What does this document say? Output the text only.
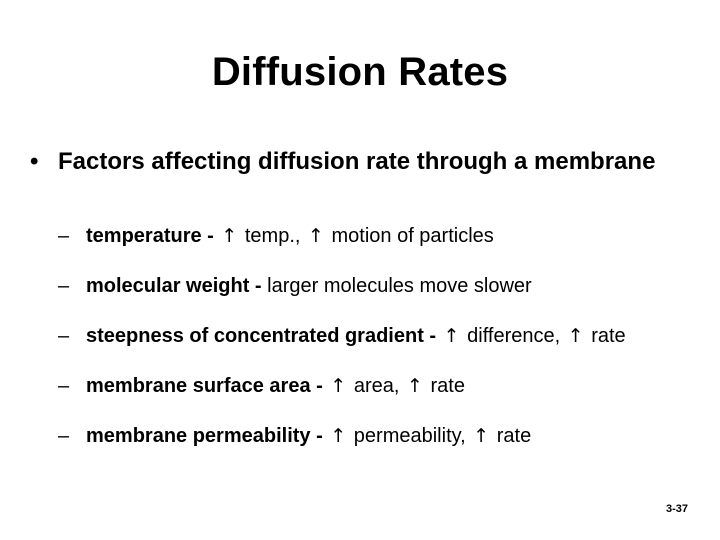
Diffusion Rates
• Factors affecting diffusion rate through a membrane
– temperature - ↑ temp., ↑ motion of particles
– molecular weight - larger molecules move slower
– steepness of concentrated gradient - ↑ difference, ↑ rate
– membrane surface area - ↑ area, ↑ rate
– membrane permeability - ↑ permeability, ↑ rate
3-37
